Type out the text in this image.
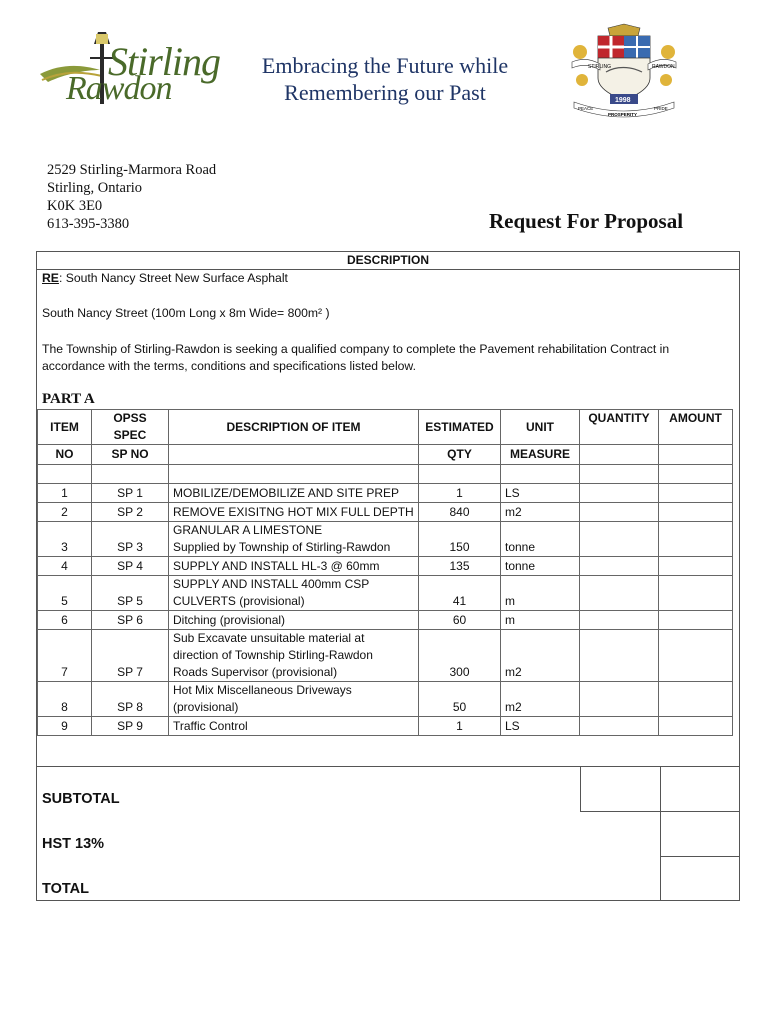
Stirling
Rawdon
Embracing the Future while
Remembering our Past
STIRLING	RAWDON
1998
PEACE
PROSPERITY
PRIDE
2529 Stirling-Marmora Road
Stirling, Ontario
K0K 3E0
613-395-3380	Request For Proposal
DESCRIPTION
RE: South Nancy Street New Surface Asphalt
South Nancy Street (100m Long x 8m Wide= 800m² )
The Township of Stirling-Rawdon is seeking a qualified company to complete the Pavement rehabilitation Contract in accordance with the terms, conditions and specifications listed below.
PART A
ITEM	OPSS SPEC	DESCRIPTION OF ITEM	ESTIMATED	UNIT	QUANTITY	AMOUNT
NO	SP NO		QTY	MEASURE		

1	SP 1	MOBILIZE/DEMOBILIZE AND SITE PREP	1	LS		
2	SP 2	REMOVE EXISITNG HOT MIX FULL DEPTH	840	m2		
3	SP 3	GRANULAR A LIMESTONE
Supplied by Township of Stirling-Rawdon	150	tonne		
4	SP 4	SUPPLY AND INSTALL HL-3 @ 60mm	135	tonne		
5	SP 5	SUPPLY AND INSTALL 400mm CSP
CULVERTS (provisional)	41	m		
6	SP 6	Ditching (provisional)	60	m		
7	SP 7	Sub Excavate unsuitable material at
direction of Township Stirling-Rawdon
Roads Supervisor (provisional)	300	m2		
8	SP 8	Hot Mix Miscellaneous Driveways
(provisional)	50	m2		
9	SP 9	Traffic Control	1	LS		
SUBTOTAL
HST 13%
TOTAL
